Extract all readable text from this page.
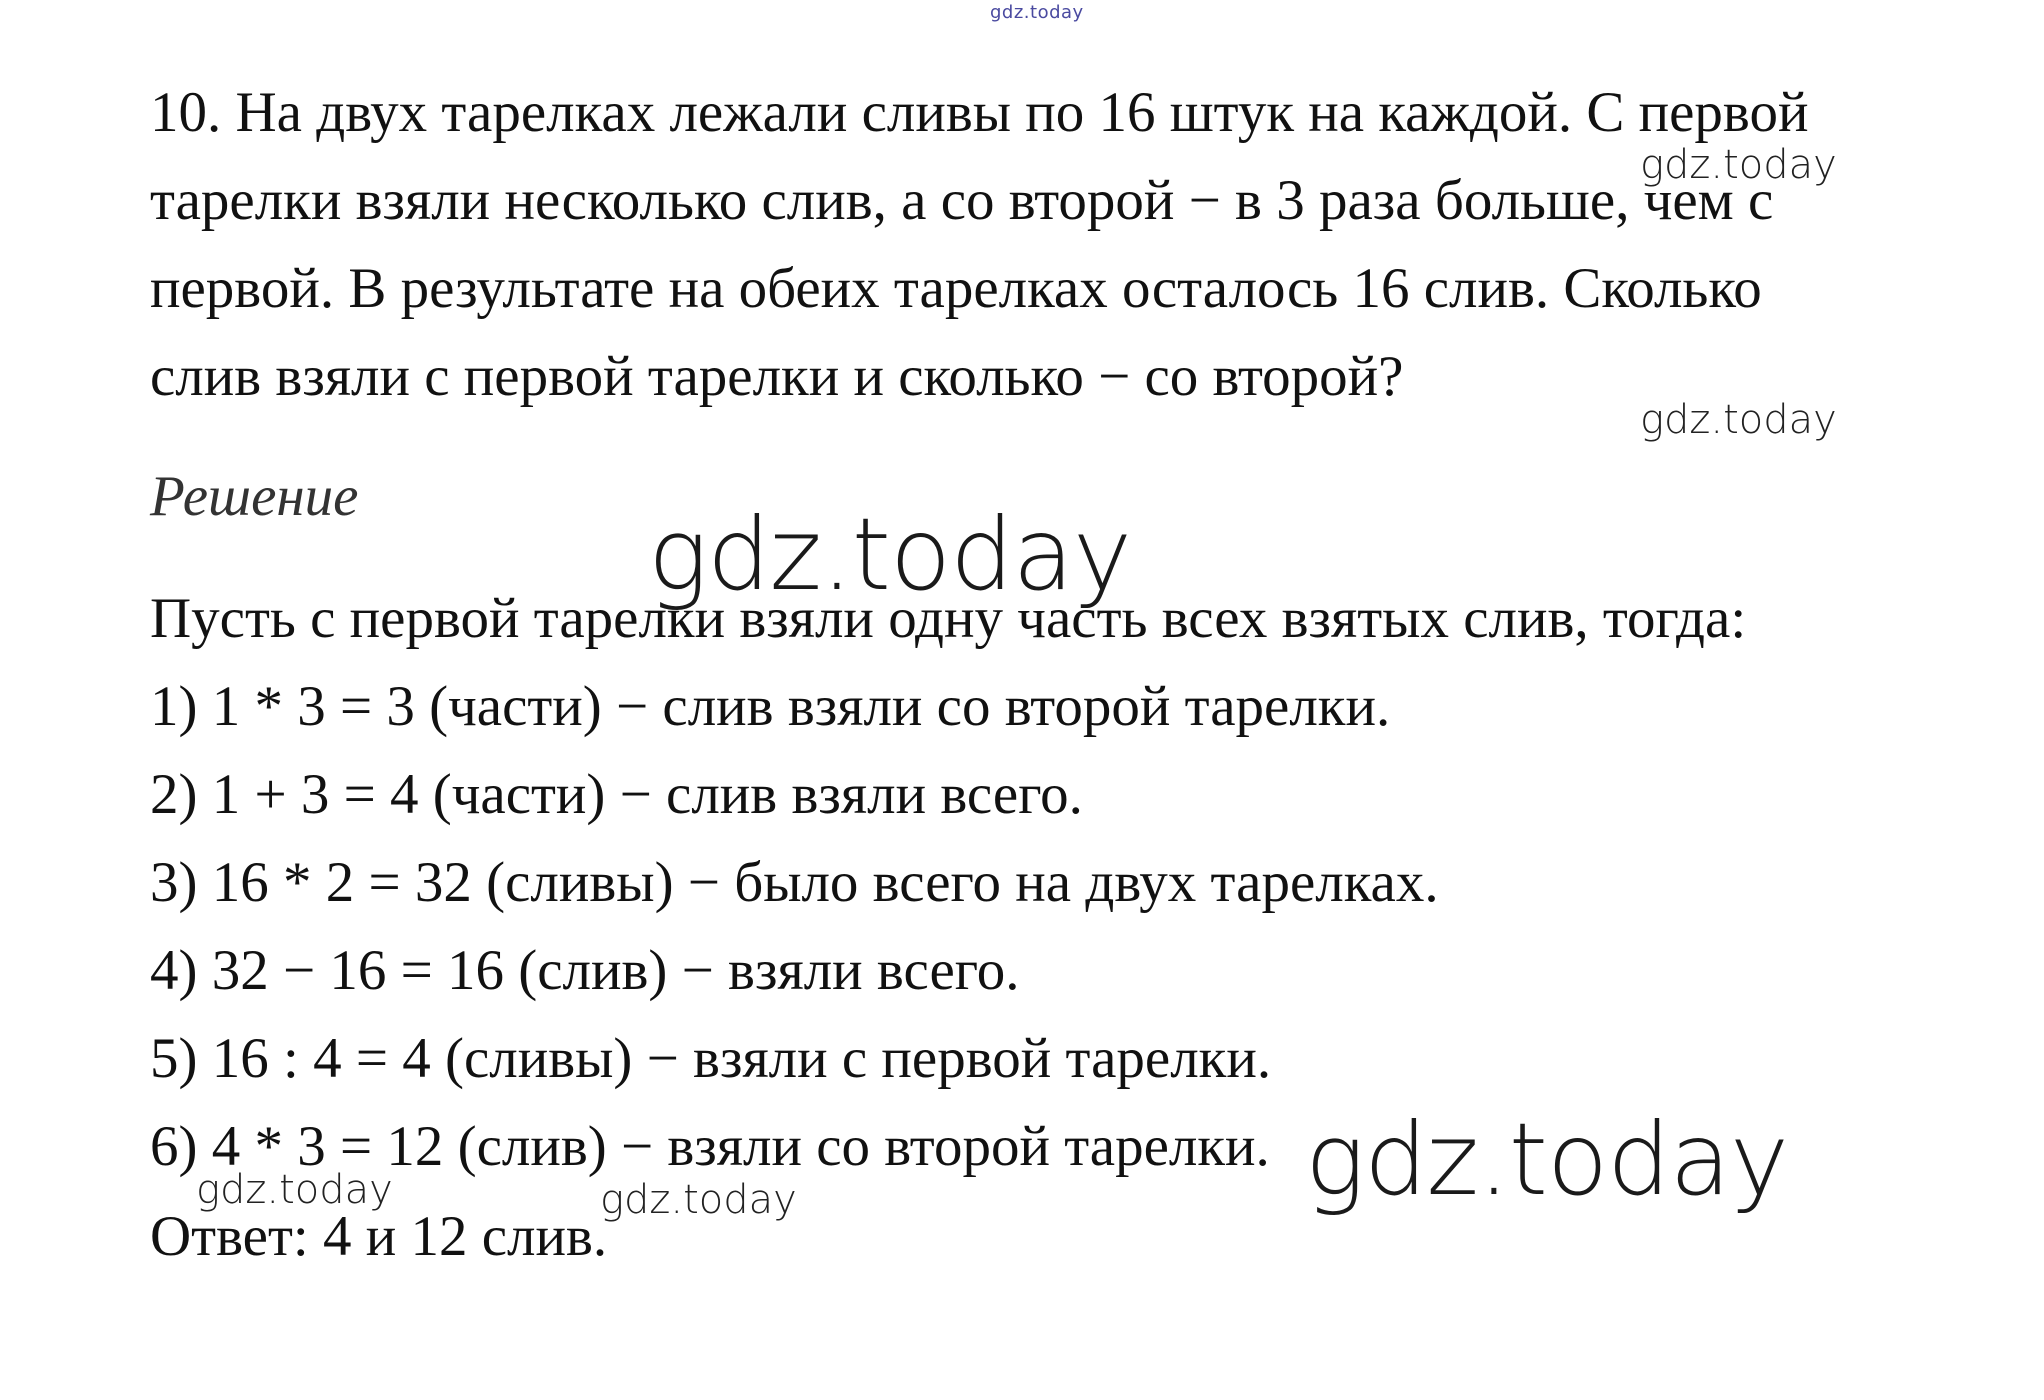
gdz.today
10. На двух тарелках лежали сливы по 16 штук на каждой. С первой
тарелки взяли несколько слив, а со второй − в 3 раза больше, чем с
первой. В результате на обеих тарелках осталось 16 слив. Сколько
слив взяли с первой тарелки и сколько − со второй?
Решение
Пусть с первой тарелки взяли одну часть всех взятых слив, тогда:
1) 1 * 3 = 3 (части) − слив взяли со второй тарелки.
2) 1 + 3 = 4 (части) − слив взяли всего.
3) 16 * 2 = 32 (сливы) − было всего на двух тарелках.
4) 32 − 16 = 16 (слив) − взяли всего.
5) 16 : 4 = 4 (сливы) − взяли с первой тарелки.
6) 4 * 3 = 12 (слив) − взяли со второй тарелки.
Ответ: 4 и 12 слив.
gdz.today
gdz.today
gdz.today
gdz.today
gdz.today	gdz.today
